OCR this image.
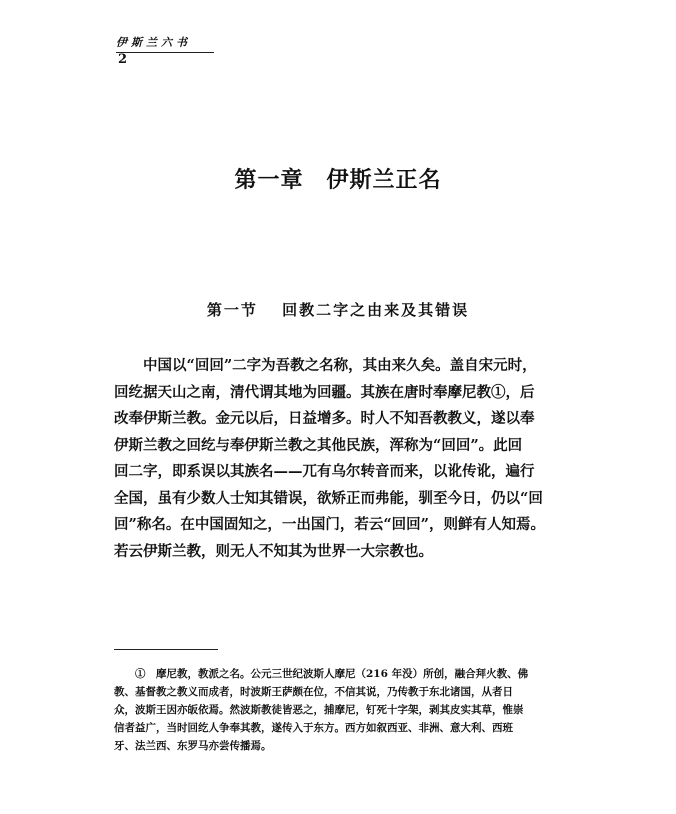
伊斯兰六书
2
第一章　伊斯兰正名
第一节　 回教二字之由来及其错误
　　中国以“回回”二字为吾教之名称，其由来久矣。盖自宋元时，
回纥据天山之南，清代谓其地为回疆。其族在唐时奉摩尼教①，后
改奉伊斯兰教。金元以后，日益增多。时人不知吾教教义，遂以奉
伊斯兰教之回纥与奉伊斯兰教之其他民族，浑称为“回回”。此回
回二字，即系误以其族名——兀有乌尔转音而来，以讹传讹，遍行
全国，虽有少数人士知其错误，欲矫正而弗能，驯至今日，仍以“回
回”称名。在中国固知之，一出国门，若云“回回”，则鲜有人知焉。
若云伊斯兰教，则无人不知其为世界一大宗教也。
　　①　摩尼教，教派之名。公元三世纪波斯人摩尼（216 年没）所创，融合拜火教、佛
教、基督教之教义而成者，时波斯王萨颇在位，不信其说，乃传教于东北诸国，从者日
众，波斯王因亦皈依焉。然波斯教徒皆恶之，捕摩尼，钉死十字架，剥其皮实其草，惟崇
信者益广，当时回纥人争奉其教，遂传入于东方。西方如叙西亚、非洲、意大利、西班
牙、法兰西、东罗马亦尝传播焉。
